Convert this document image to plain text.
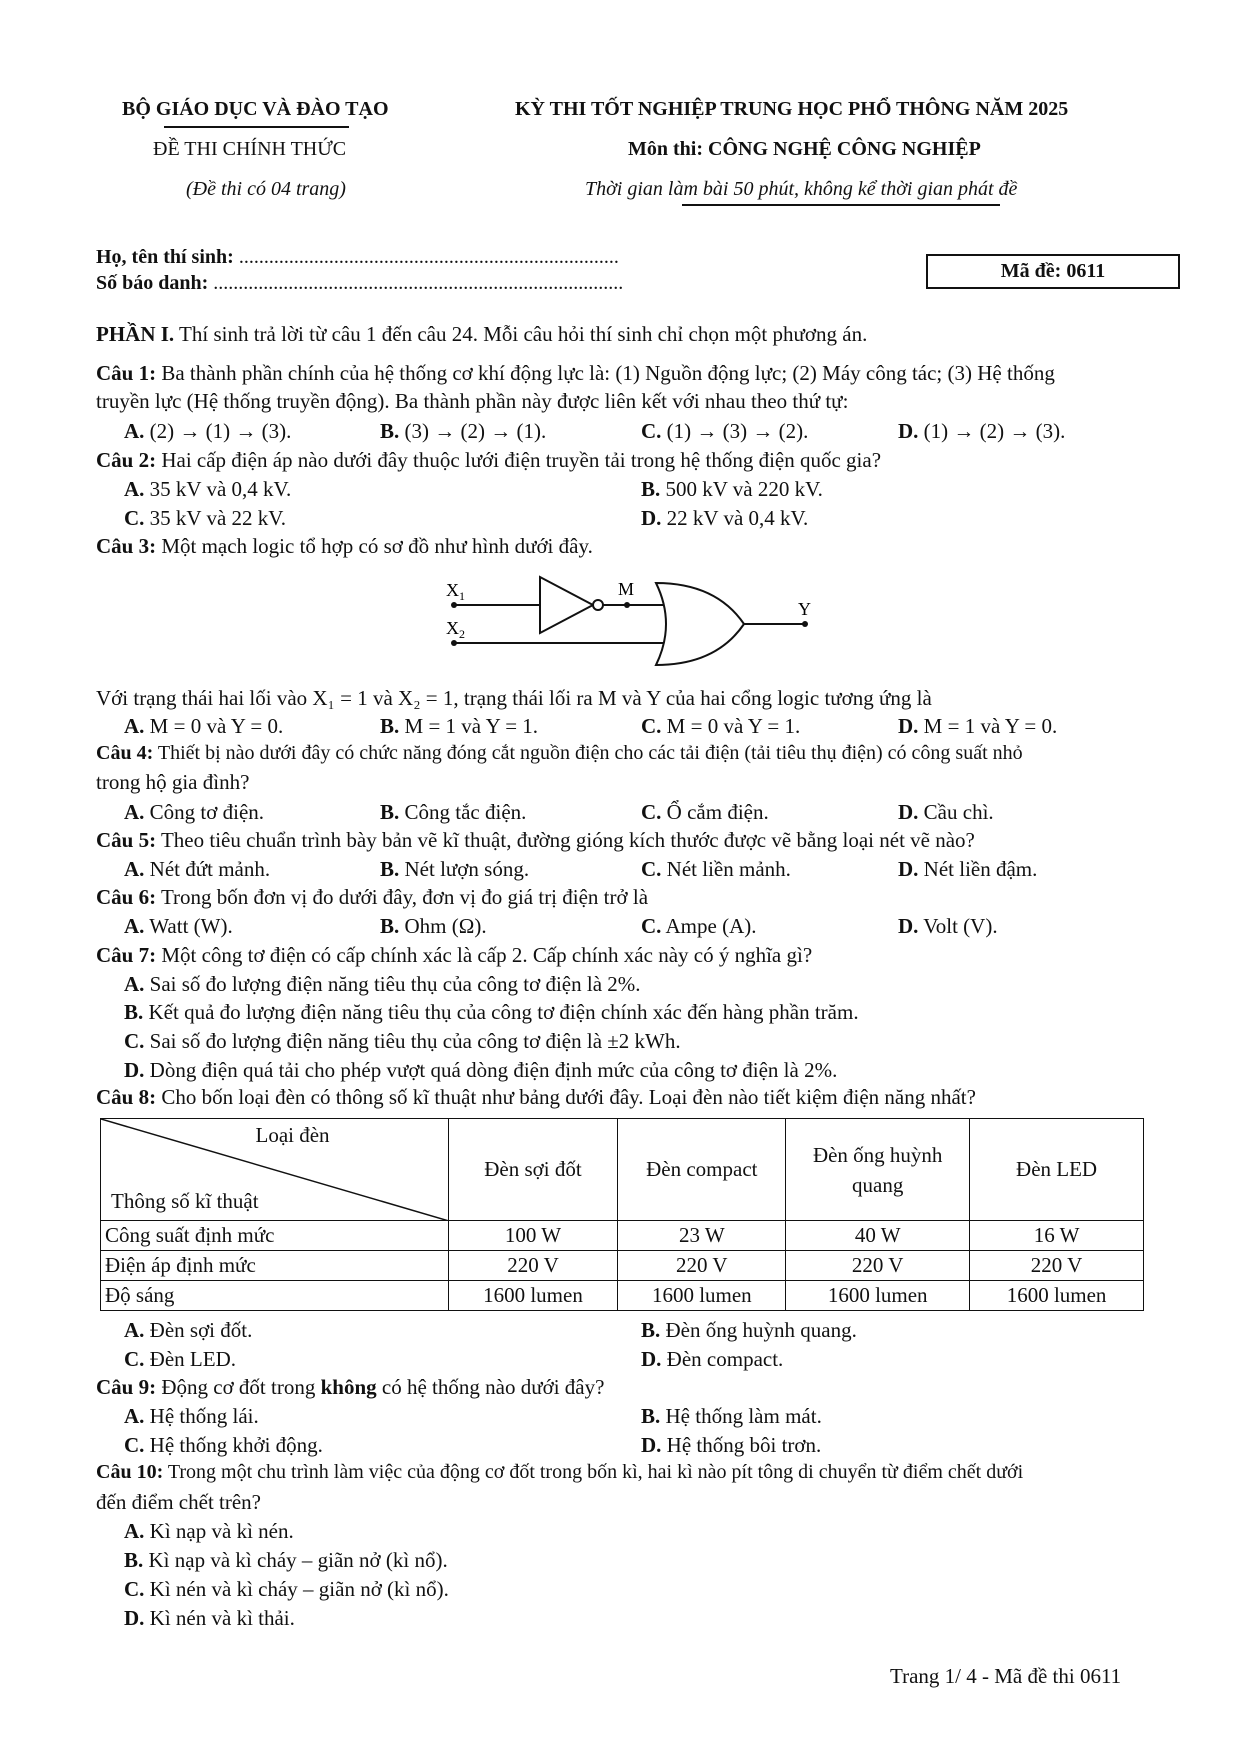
BỘ GIÁO DỤC VÀ ĐÀO TẠO
ĐỀ THI CHÍNH THỨC
(Đề thi có 04 trang)
KỲ THI TỐT NGHIỆP TRUNG HỌC PHỔ THÔNG NĂM 2025
Môn thi: CÔNG NGHỆ CÔNG NGHIỆP
Thời gian làm bài 50 phút, không kể thời gian phát đề
Họ, tên thí sinh: ............................................................................
Số báo danh: ..................................................................................
Mã đề: 0611
PHẦN I. Thí sinh trả lời từ câu 1 đến câu 24. Mỗi câu hỏi thí sinh chỉ chọn một phương án.
Câu 1: Ba thành phần chính của hệ thống cơ khí động lực là: (1) Nguồn động lực; (2) Máy công tác; (3) Hệ thống
truyền lực (Hệ thống truyền động). Ba thành phần này được liên kết với nhau theo thứ tự:
A. (2) → (1) → (3).	B. (3) → (2) → (1).	C. (1) → (3) → (2).	D. (1) → (2) → (3).
Câu 2: Hai cấp điện áp nào dưới đây thuộc lưới điện truyền tải trong hệ thống điện quốc gia?
A. 35 kV và 0,4 kV.	B. 500 kV và 220 kV.
C. 35 kV và 22 kV.	D. 22 kV và 0,4 kV.
Câu 3: Một mạch logic tổ hợp có sơ đồ như hình dưới đây.
$X_1$
$X_2$
M
Y
Với trạng thái hai lối vào X₁ = 1 và X₂ = 1, trạng thái lối ra M và Y của hai cổng logic tương ứng là
A. M = 0 và Y = 0.	B. M = 1 và Y = 1.	C. M = 0 và Y = 1.	D. M = 1 và Y = 0.
Câu 4: Thiết bị nào dưới đây có chức năng đóng cắt nguồn điện cho các tải điện (tải tiêu thụ điện) có công suất nhỏ
trong hộ gia đình?
A. Công tơ điện.	B. Công tắc điện.	C. Ổ cắm điện.	D. Cầu chì.
Câu 5: Theo tiêu chuẩn trình bày bản vẽ kĩ thuật, đường gióng kích thước được vẽ bằng loại nét vẽ nào?
A. Nét đứt mảnh.	B. Nét lượn sóng.	C. Nét liền mảnh.	D. Nét liền đậm.
Câu 6: Trong bốn đơn vị đo dưới đây, đơn vị đo giá trị điện trở là
A. Watt (W).	B. Ohm (Ω).	C. Ampe (A).	D. Volt (V).
Câu 7: Một công tơ điện có cấp chính xác là cấp 2. Cấp chính xác này có ý nghĩa gì?
A. Sai số đo lượng điện năng tiêu thụ của công tơ điện là 2%.
B. Kết quả đo lượng điện năng tiêu thụ của công tơ điện chính xác đến hàng phần trăm.
C. Sai số đo lượng điện năng tiêu thụ của công tơ điện là ±2 kWh.
D. Dòng điện quá tải cho phép vượt quá dòng điện định mức của công tơ điện là 2%.
Câu 8: Cho bốn loại đèn có thông số kĩ thuật như bảng dưới đây. Loại đèn nào tiết kiệm điện năng nhất?
Loại đèn
Thông số kĩ thuật	Đèn sợi đốt	Đèn compact	Đèn ống huỳnh quang	Đèn LED
Công suất định mức	100 W	23 W	40 W	16 W
Điện áp định mức	220 V	220 V	220 V	220 V
Độ sáng	1600 lumen	1600 lumen	1600 lumen	1600 lumen
A. Đèn sợi đốt.	B. Đèn ống huỳnh quang.
C. Đèn LED.	D. Đèn compact.
Câu 9: Động cơ đốt trong không có hệ thống nào dưới đây?
A. Hệ thống lái.	B. Hệ thống làm mát.
C. Hệ thống khởi động.	D. Hệ thống bôi trơn.
Câu 10: Trong một chu trình làm việc của động cơ đốt trong bốn kì, hai kì nào pít tông di chuyển từ điểm chết dưới
đến điểm chết trên?
A. Kì nạp và kì nén.
B. Kì nạp và kì cháy – giãn nở (kì nổ).
C. Kì nén và kì cháy – giãn nở (kì nổ).
D. Kì nén và kì thải.
Trang 1/ 4 - Mã đề thi 0611
